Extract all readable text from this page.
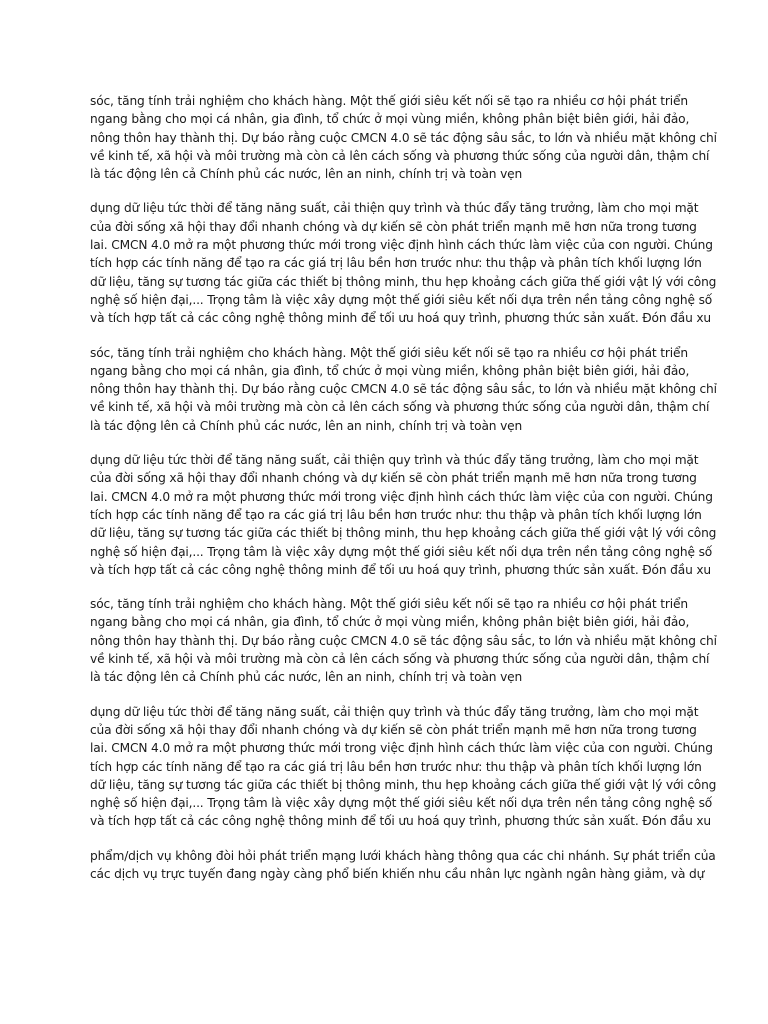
sóc, tăng tính trải nghiệm cho khách hàng. Một thế giới siêu kết nối sẽ tạo ra nhiều cơ hội phát triển
ngang bằng cho mọi cá nhân, gia đình, tổ chức ở mọi vùng miền, không phân biệt biên giới, hải đảo,
nông thôn hay thành thị. Dự báo rằng cuộc CMCN 4.0 sẽ tác động sâu sắc, to lớn và nhiều mặt không chỉ
về kinh tế, xã hội và môi trường mà còn cả lên cách sống và phương thức sống của người dân, thậm chí
là tác động lên cả Chính phủ các nước, lên an ninh, chính trị và toàn vẹn

dụng dữ liệu tức thời để tăng năng suất, cải thiện quy trình và thúc đẩy tăng trưởng, làm cho mọi mặt
của đời sống xã hội thay đổi nhanh chóng và dự kiến sẽ còn phát triển mạnh mẽ hơn nữa trong tương
lai. CMCN 4.0 mở ra một phương thức mới trong việc định hình cách thức làm việc của con người. Chúng
tích hợp các tính năng để tạo ra các giá trị lâu bền hơn trước như: thu thập và phân tích khối lượng lớn
dữ liệu, tăng sự tương tác giữa các thiết bị thông minh, thu hẹp khoảng cách giữa thế giới vật lý với công
nghệ số hiện đại,... Trọng tâm là việc xây dựng một thế giới siêu kết nối dựa trên nền tảng công nghệ số
và tích hợp tất cả các công nghệ thông minh để tối ưu hoá quy trình, phương thức sản xuất. Đón đầu xu

sóc, tăng tính trải nghiệm cho khách hàng. Một thế giới siêu kết nối sẽ tạo ra nhiều cơ hội phát triển
ngang bằng cho mọi cá nhân, gia đình, tổ chức ở mọi vùng miền, không phân biệt biên giới, hải đảo,
nông thôn hay thành thị. Dự báo rằng cuộc CMCN 4.0 sẽ tác động sâu sắc, to lớn và nhiều mặt không chỉ
về kinh tế, xã hội và môi trường mà còn cả lên cách sống và phương thức sống của người dân, thậm chí
là tác động lên cả Chính phủ các nước, lên an ninh, chính trị và toàn vẹn

dụng dữ liệu tức thời để tăng năng suất, cải thiện quy trình và thúc đẩy tăng trưởng, làm cho mọi mặt
của đời sống xã hội thay đổi nhanh chóng và dự kiến sẽ còn phát triển mạnh mẽ hơn nữa trong tương
lai. CMCN 4.0 mở ra một phương thức mới trong việc định hình cách thức làm việc của con người. Chúng
tích hợp các tính năng để tạo ra các giá trị lâu bền hơn trước như: thu thập và phân tích khối lượng lớn
dữ liệu, tăng sự tương tác giữa các thiết bị thông minh, thu hẹp khoảng cách giữa thế giới vật lý với công
nghệ số hiện đại,... Trọng tâm là việc xây dựng một thế giới siêu kết nối dựa trên nền tảng công nghệ số
và tích hợp tất cả các công nghệ thông minh để tối ưu hoá quy trình, phương thức sản xuất. Đón đầu xu

sóc, tăng tính trải nghiệm cho khách hàng. Một thế giới siêu kết nối sẽ tạo ra nhiều cơ hội phát triển
ngang bằng cho mọi cá nhân, gia đình, tổ chức ở mọi vùng miền, không phân biệt biên giới, hải đảo,
nông thôn hay thành thị. Dự báo rằng cuộc CMCN 4.0 sẽ tác động sâu sắc, to lớn và nhiều mặt không chỉ
về kinh tế, xã hội và môi trường mà còn cả lên cách sống và phương thức sống của người dân, thậm chí
là tác động lên cả Chính phủ các nước, lên an ninh, chính trị và toàn vẹn

dụng dữ liệu tức thời để tăng năng suất, cải thiện quy trình và thúc đẩy tăng trưởng, làm cho mọi mặt
của đời sống xã hội thay đổi nhanh chóng và dự kiến sẽ còn phát triển mạnh mẽ hơn nữa trong tương
lai. CMCN 4.0 mở ra một phương thức mới trong việc định hình cách thức làm việc của con người. Chúng
tích hợp các tính năng để tạo ra các giá trị lâu bền hơn trước như: thu thập và phân tích khối lượng lớn
dữ liệu, tăng sự tương tác giữa các thiết bị thông minh, thu hẹp khoảng cách giữa thế giới vật lý với công
nghệ số hiện đại,... Trọng tâm là việc xây dựng một thế giới siêu kết nối dựa trên nền tảng công nghệ số
và tích hợp tất cả các công nghệ thông minh để tối ưu hoá quy trình, phương thức sản xuất. Đón đầu xu

phẩm/dịch vụ không đòi hỏi phát triển mạng lưới khách hàng thông qua các chi nhánh. Sự phát triển của
các dịch vụ trực tuyến đang ngày càng phổ biến khiến nhu cầu nhân lực ngành ngân hàng giảm, và dự
